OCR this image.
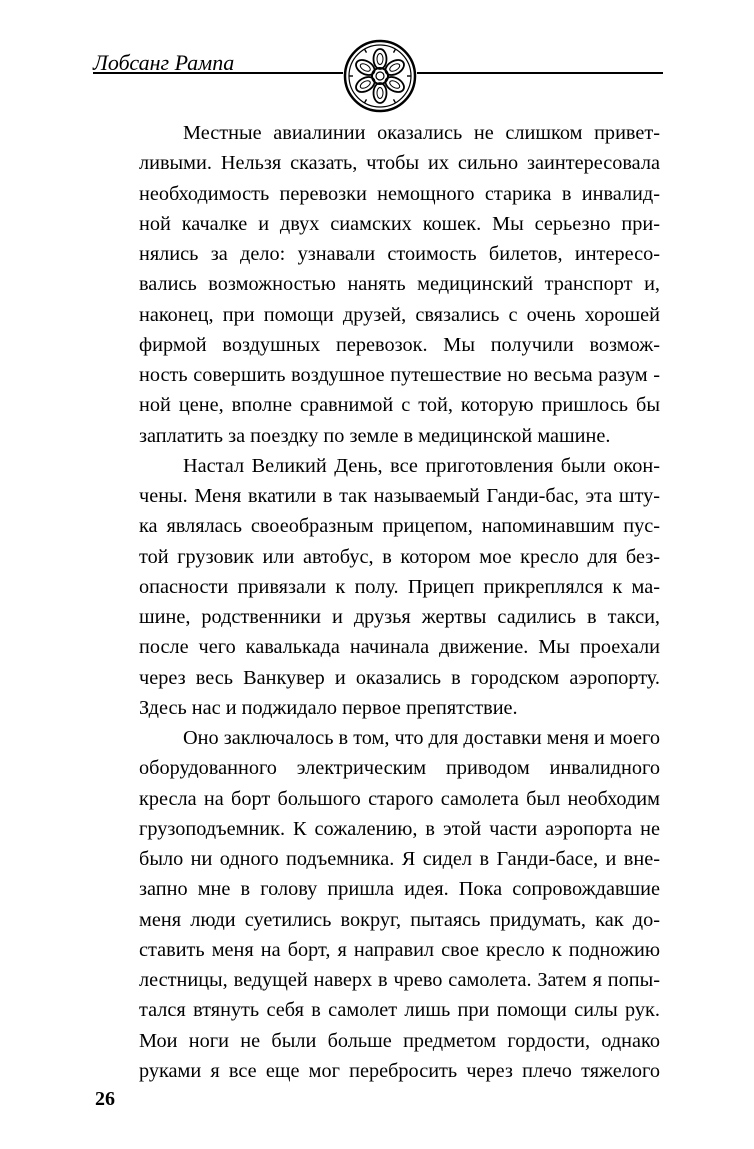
Лобсанг Рампа
Местные авиалинии оказались не слишком привет-
ливыми. Нельзя сказать, чтобы их сильно заинтересовала
необходимость перевозки немощного старика в инвалид-
ной качалке и двух сиамских кошек. Мы серьезно при-
нялись за дело: узнавали стоимость билетов, интересо-
вались возможностью нанять медицинский транспорт и,
наконец, при помощи друзей, связались с очень хорошей
фирмой воздушных перевозок. Мы получили возмож-
ность совершить воздушное путешествие но весьма разум -
ной цене, вполне сравнимой с той, которую пришлось бы
заплатить за поездку по земле в медицинской машине.
Настал Великий День, все приготовления были окон-
чены. Меня вкатили в так называемый Ганди-бас, эта шту-
ка являлась своеобразным прицепом, напоминавшим пус-
той грузовик или автобус, в котором мое кресло для без-
опасности привязали к полу. Прицеп прикреплялся к ма-
шине, родственники и друзья жертвы садились в такси,
после чего кавалькада начинала движение. Мы проехали
через весь Ванкувер и оказались в городском аэропорту.
Здесь нас и поджидало первое препятствие.
Оно заключалось в том, что для доставки меня и моего
оборудованного электрическим приводом инвалидного
кресла на борт большого старого самолета был необходим
грузоподъемник. К сожалению, в этой части аэропорта не
было ни одного подъемника. Я сидел в Ганди-басе, и вне-
запно мне в голову пришла идея. Пока сопровождавшие
меня люди суетились вокруг, пытаясь придумать, как до-
ставить меня на борт, я направил свое кресло к подножию
лестницы, ведущей наверх в чрево самолета. Затем я попы-
тался втянуть себя в самолет лишь при помощи силы рук.
Мои ноги не были больше предметом гордости, однако
руками я все еще мог перебросить через плечо тяжелого
26
